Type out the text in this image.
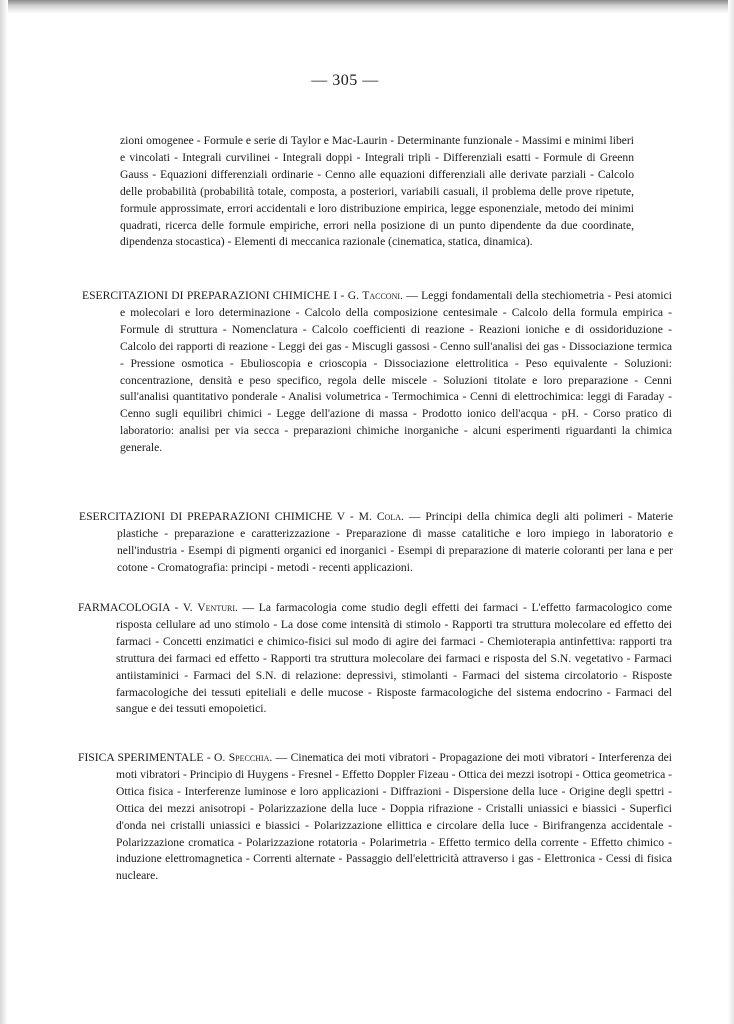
— 305 —

zioni omogenee - Formule e serie di Taylor e Mac-Laurin - Determinante funzionale - Massimi e minimi liberi e vincolati - Integrali curvilinei - Integrali doppi - Integrali tripli - Differenziali esatti - Formule di Greenn Gauss - Equazioni differenziali ordinarie - Cenno alle equazioni differenziali alle derivate parziali - Calcolo delle probabilità (probabilità totale, composta, a posteriori, variabili casuali, il problema delle prove ripetute, formule approssimate, errori accidentali e loro distribuzione empirica, legge esponenziale, metodo dei minimi quadrati, ricerca delle formule empiriche, errori nella posizione di un punto dipendente da due coordinate, dipendenza stocastica) - Elementi di meccanica razionale (cinematica, statica, dinamica).

ESERCITAZIONI DI PREPARAZIONI CHIMICHE I - G. Tacconi. — Leggi fondamentali della stechiometria - Pesi atomici e molecolari e loro determinazione - Calcolo della composizione centesimale - Calcolo della formula empirica - Formule di struttura - Nomenclatura - Calcolo coefficienti di reazione - Reazioni ioniche e di ossidoriduzione - Calcolo dei rapporti di reazione - Leggi dei gas - Miscugli gassosi - Cenno sull'analisi dei gas - Dissociazione termica - Pressione osmotica - Ebulioscopia e crioscopia - Dissociazione elettrolitica - Peso equivalente - Soluzioni: concentrazione, densità e peso specifico, regola delle miscele - Soluzioni titolate e loro preparazione - Cenni sull'analisi quantitativo ponderale - Analisi volumetrica - Termochimica - Cenni di elettrochimica: leggi di Faraday - Cenno sugli equilibri chimici - Legge dell'azione di massa - Prodotto ionico dell'acqua - pH. - Corso pratico di laboratorio: analisi per via secca - preparazioni chimiche inorganiche - alcuni esperimenti riguardanti la chimica generale.

ESERCITAZIONI DI PREPARAZIONI CHIMICHE V - M. Cola. — Principi della chimica degli alti polimeri - Materie plastiche - preparazione e caratterizzazione - Preparazione di masse catalitiche e loro impiego in laboratorio e nell'industria - Esempi di pigmenti organici ed inorganici - Esempi di preparazione di materie coloranti per lana e per cotone - Cromatografia: principi - metodi - recenti applicazioni.

FARMACOLOGIA - V. Venturi. — La farmacologia come studio degli effetti dei farmaci - L'effetto farmacologico come risposta cellulare ad uno stimolo - La dose come intensità di stimolo - Rapporti tra struttura molecolare ed effetto dei farmaci - Concetti enzimatici e chimico-fisici sul modo di agire dei farmaci - Chemioterapia antinfettiva: rapporti tra struttura dei farmaci ed effetto - Rapporti tra struttura molecolare dei farmaci e risposta del S.N. vegetativo - Farmaci antiistaminici - Farmaci del S.N. di relazione: depressivi, stimolanti - Farmaci del sistema circolatorio - Risposte farmacologiche dei tessuti epiteliali e delle mucose - Risposte farmacologiche del sistema endocrino - Farmaci del sangue e dei tessuti emopoietici.

FISICA SPERIMENTALE - O. Specchia. — Cinematica dei moti vibratori - Propagazione dei moti vibratori - Interferenza dei moti vibratori - Principio di Huygens - Fresnel - Effetto Doppler Fizeau - Ottica dei mezzi isotropi - Ottica geometrica - Ottica fisica - Interferenze luminose e loro applicazioni - Diffrazioni - Dispersione della luce - Origine degli spettri - Ottica dei mezzi anisotropi - Polarizzazione della luce - Doppia rifrazione - Cristalli uniassici e biassici - Superfici d'onda nei cristalli uniassici e biassici - Polarizzazione ellittica e circolare della luce - Birifrangenza accidentale - Polarizzazione cromatica - Polarizzazione rotatoria - Polarimetria - Effetto termico della corrente - Effetto chimico - induzione elettromagnetica - Correnti alternate - Passaggio dell'elettricità attraverso i gas - Elettronica - Cessi di fisica nucleare.
